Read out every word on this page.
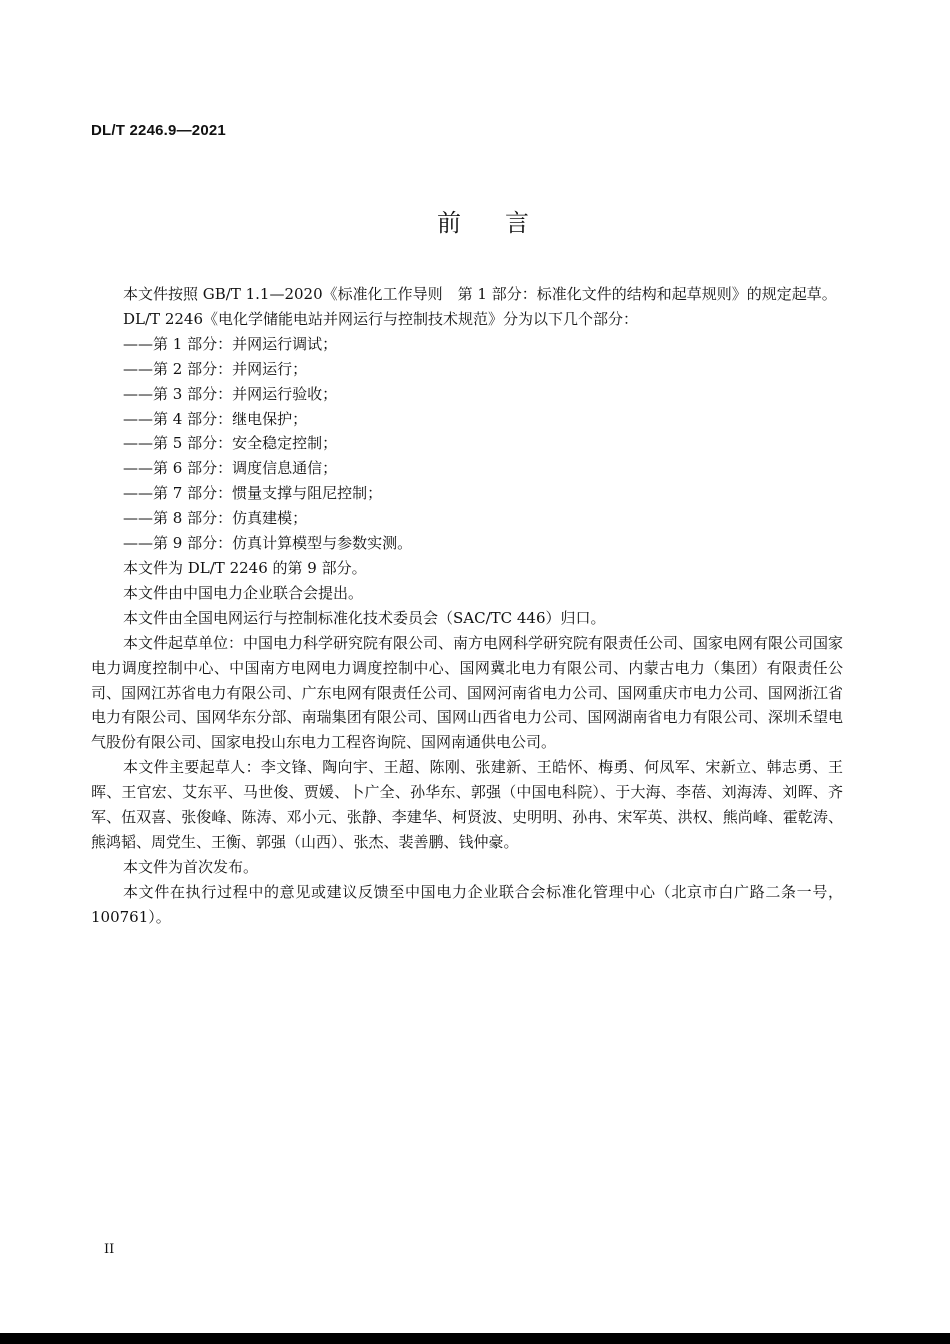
DL/T 2246.9—2021
前言

本文件按照 GB/T 1.1—2020《标准化工作导则　第 1 部分：标准化文件的结构和起草规则》的规定起草。

DL/T 2246《电化学储能电站并网运行与控制技术规范》分为以下几个部分：

——第 1 部分：并网运行调试；

——第 2 部分：并网运行；

——第 3 部分：并网运行验收；

——第 4 部分：继电保护；

——第 5 部分：安全稳定控制；

——第 6 部分：调度信息通信；

——第 7 部分：惯量支撑与阻尼控制；

——第 8 部分：仿真建模；

——第 9 部分：仿真计算模型与参数实测。

本文件为 DL/T 2246 的第 9 部分。

本文件由中国电力企业联合会提出。

本文件由全国电网运行与控制标准化技术委员会（SAC/TC 446）归口。

本文件起草单位：中国电力科学研究院有限公司、南方电网科学研究院有限责任公司、国家电网有限公司国家电力调度控制中心、中国南方电网电力调度控制中心、国网冀北电力有限公司、内蒙古电力（集团）有限责任公司、国网江苏省电力有限公司、广东电网有限责任公司、国网河南省电力公司、国网重庆市电力公司、国网浙江省电力有限公司、国网华东分部、南瑞集团有限公司、国网山西省电力公司、国网湖南省电力有限公司、深圳禾望电气股份有限公司、国家电投山东电力工程咨询院、国网南通供电公司。

本文件主要起草人：李文锋、陶向宇、王超、陈刚、张建新、王皓怀、梅勇、何凤军、宋新立、韩志勇、王晖、王官宏、艾东平、马世俊、贾媛、卜广全、孙华东、郭强（中国电科院）、于大海、李蓓、刘海涛、刘晖、齐军、伍双喜、张俊峰、陈涛、邓小元、张静、李建华、柯贤波、史明明、孙冉、宋军英、洪权、熊尚峰、霍乾涛、熊鸿韬、周党生、王衡、郭强（山西）、张杰、裴善鹏、钱仲豪。

本文件为首次发布。

本文件在执行过程中的意见或建议反馈至中国电力企业联合会标准化管理中心（北京市白广路二条一号，100761）。

II
